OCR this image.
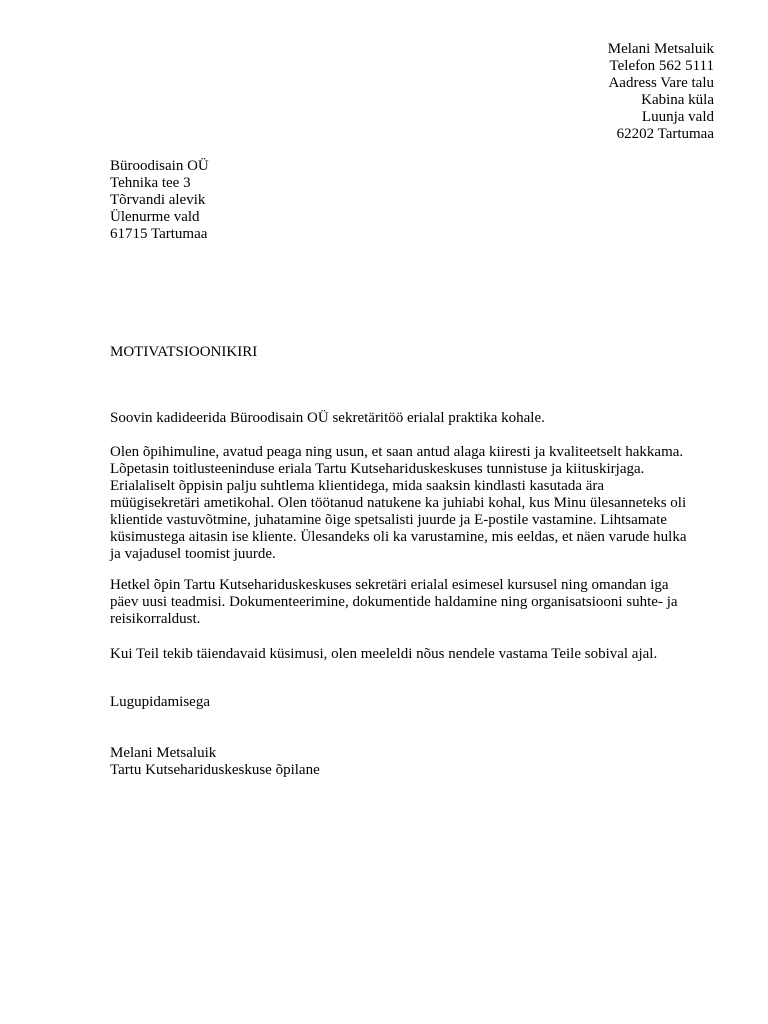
Melani Metsaluik
Telefon 562 5111
Aadress Vare talu
Kabina küla
Luunja vald
62202 Tartumaa
Büroodisain OÜ
Tehnika tee 3
Tõrvandi alevik
Ülenurme vald
61715 Tartumaa
MOTIVATSIOONIKIRI
Soovin kadideerida Büroodisain OÜ sekretäritöö erialal praktika kohale.
Olen õpihimuline, avatud peaga ning usun, et saan antud alaga kiiresti ja kvaliteetselt hakkama.
Lõpetasin toitlusteeninduse eriala Tartu Kutsehariduskeskuses tunnistuse ja kiituskirjaga.
Erialaliselt õppisin palju suhtlema klientidega, mida saaksin kindlasti kasutada ära
müügisekretäri ametikohal. Olen töötanud natukene ka juhiabi kohal, kus Minu ülesanneteks oli
klientide vastuvõtmine, juhatamine õige spetsalisti juurde ja E-postile vastamine. Lihtsamate
küsimustega aitasin ise kliente. Ülesandeks oli ka varustamine, mis eeldas, et näen varude hulka
ja vajadusel toomist juurde.
Hetkel õpin Tartu Kutsehariduskeskuses sekretäri erialal esimesel kursusel ning omandan iga
päev uusi teadmisi. Dokumenteerimine, dokumentide haldamine ning organisatsiooni suhte- ja
reisikorraldust.
Kui Teil tekib täiendavaid küsimusi, olen meeleldi nõus nendele vastama Teile sobival ajal.
Lugupidamisega
Melani Metsaluik
Tartu Kutsehariduskeskuse õpilane
